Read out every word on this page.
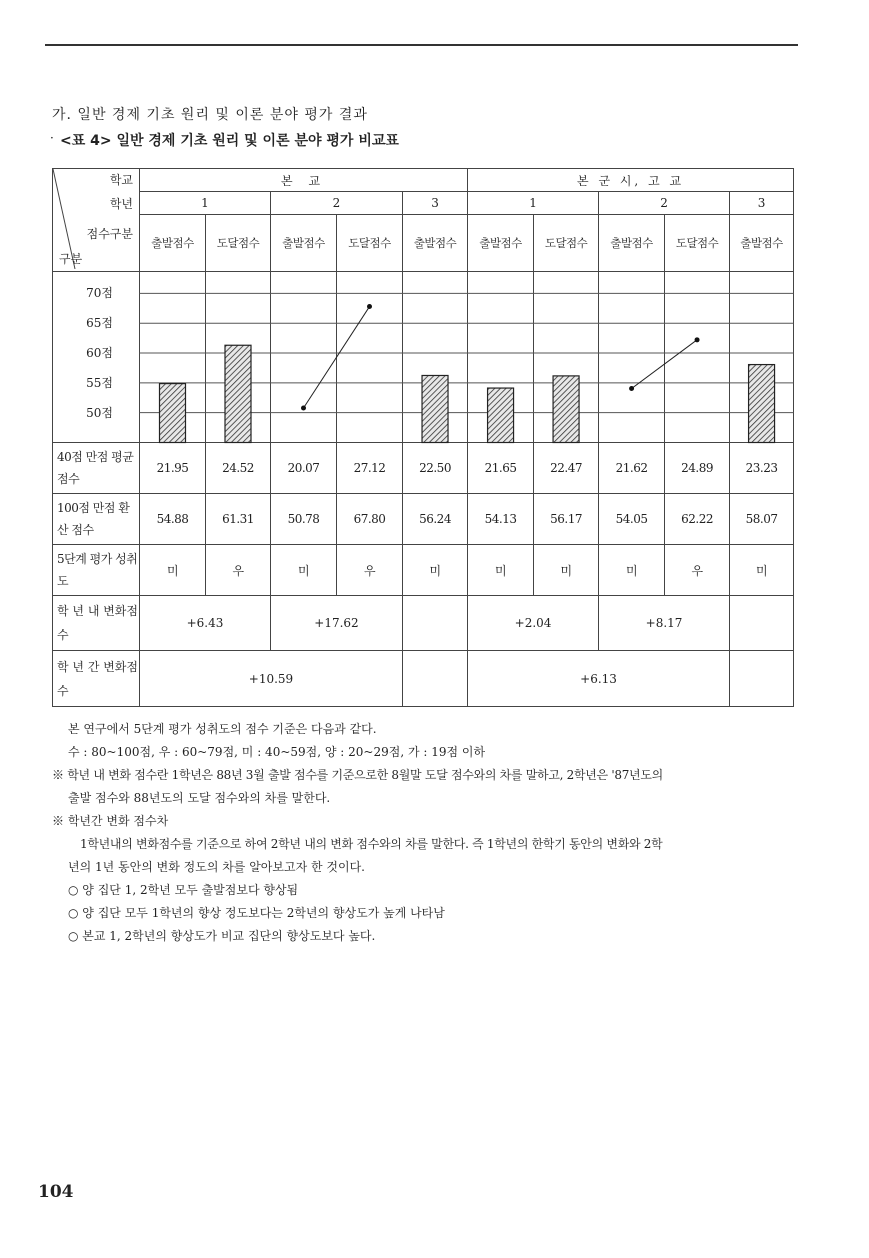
가. 일반 경제 기초 원리 및 이론 분야 평가 결과
· <표 4> 일반 경제 기초 원리 및 이론 분야 평가 비교표
학교
학년
점수구분
구분	본 교					본 군 시, 고 교				
	1		2		3	1		2		3
	출발점수	도달점수	출발점수	도달점수	출발점수	출발점수	도달점수	출발점수	도달점수	출발점수

70점
65점
60점
55점
50점										

40점 만점 평균 점수	21.95	24.52	20.07	27.12	22.50	21.65	22.47	21.62	24.89	23.23
100점 만점 환산 점수	54.88	61.31	50.78	67.80	56.24	54.13	56.17	54.05	62.22	58.07
5단계 평가 성취도	미	우	미	우	미	미	미	미	우	미
학 년 내 변화점수	+6.43		+17.62			+2.04		+8.17		
학 년 간 변화점수	+10.59					+6.13				

본 연구에서 5단계 평가 성취도의 점수 기준은 다음과 같다.

수 : 80~100점, 우 : 60~79점, 미 : 40~59점, 양 : 20~29점, 가 : 19점 이하

※ 학년 내 변화 점수란 1학년은 88년 3월 출발 점수를 기준으로한 8월말 도달 점수와의 차를 말하고, 2학년은 '87년도의

출발 점수와 88년도의 도달 점수와의 차를 말한다.

※ 학년간 변화 점수차

1학년내의 변화점수를 기준으로 하여 2학년 내의 변화 점수와의 차를 말한다. 즉 1학년의 한학기 동안의 변화와 2학

년의 1년 동안의 변화 정도의 차를 알아보고자 한 것이다.

○ 양 집단 1, 2학년 모두 출발점보다 향상됨

○ 양 집단 모두 1학년의 향상 정도보다는 2학년의 향상도가 높게 나타남

○ 본교 1, 2학년의 향상도가 비교 집단의 향상도보다 높다.

104
